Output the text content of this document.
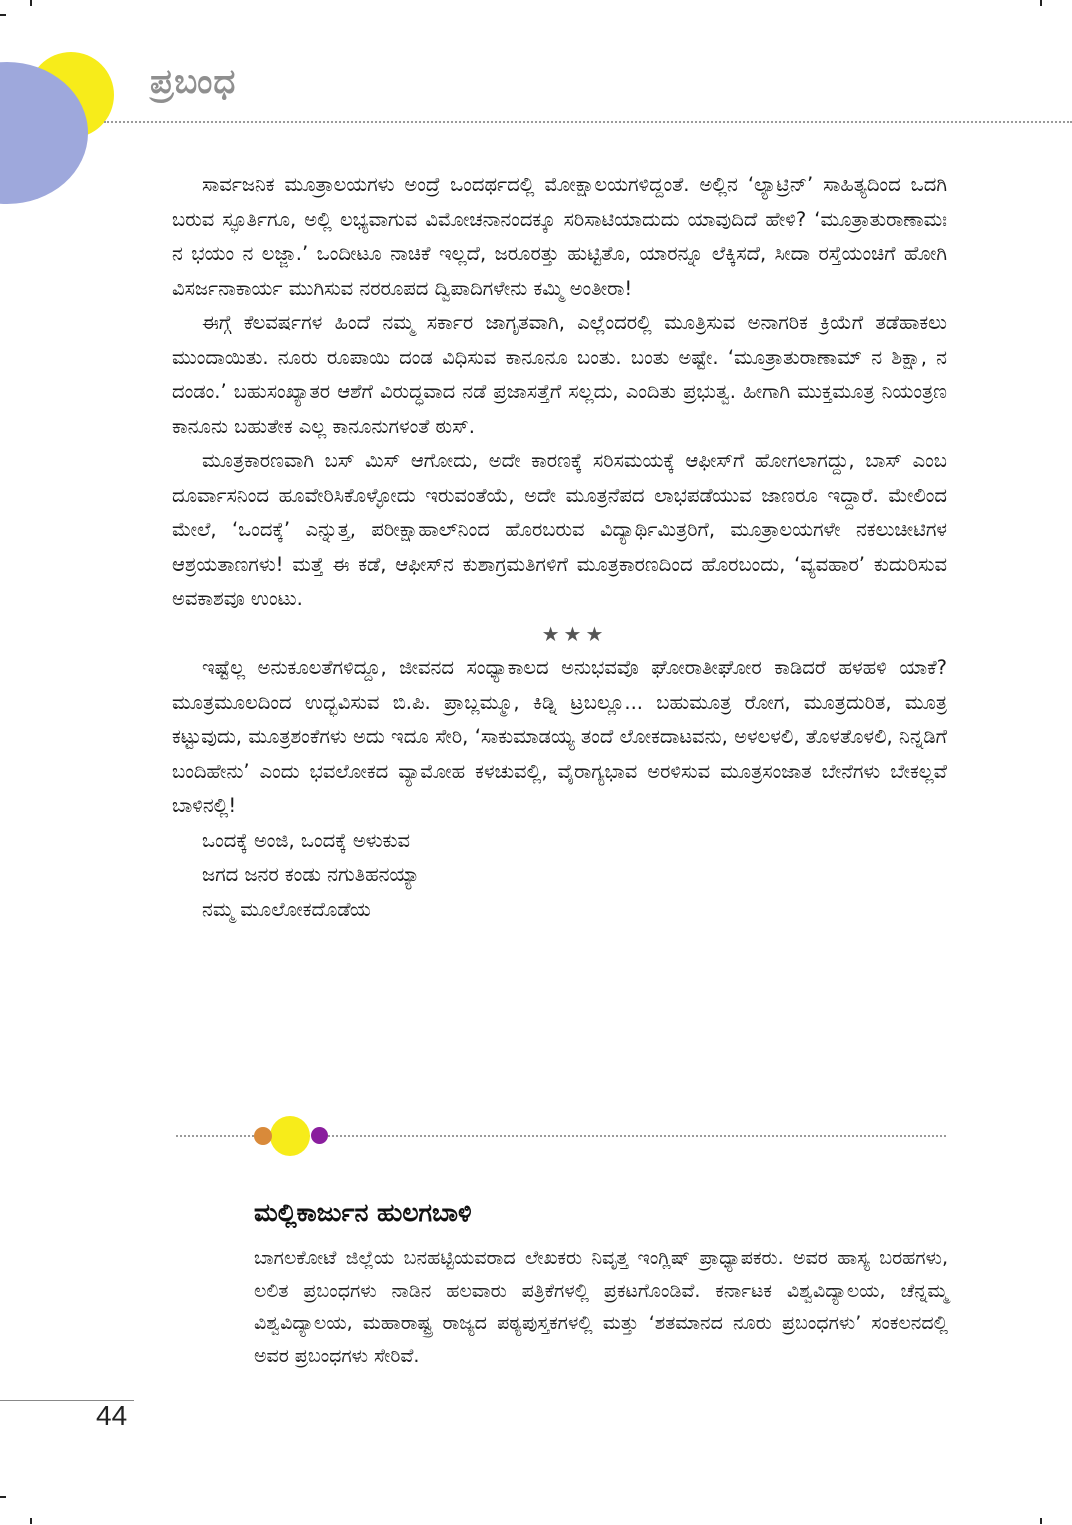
ಪ್ರಬಂಧ

ಸಾರ್ವಜನಿಕ ಮೂತ್ರಾಲಯಗಳು ಅಂದ್ರೆ ಒಂದರ್ಥದಲ್ಲಿ ಮೋಕ್ಷಾಲಯಗಳಿದ್ದಂತೆ. ಅಲ್ಲಿನ ‘ಲ್ಯಾಟ್ರಿನ್’ ಸಾಹಿತ್ಯದಿಂದ ಒದಗಿ ಬರುವ ಸ್ಫೂರ್ತಿಗೂ, ಅಲ್ಲಿ ಲಭ್ಯವಾಗುವ ವಿಮೋಚನಾನಂದಕ್ಕೂ ಸರಿಸಾಟಿಯಾದುದು ಯಾವುದಿದೆ ಹೇಳಿ? ‘ಮೂತ್ರಾತುರಾಣಾಮಃ ನ ಭಯಂ ನ ಲಜ್ಜಾ.’ ಒಂದೀಟೂ ನಾಚಿಕೆ ಇಲ್ಲದೆ, ಜರೂರತ್ತು ಹುಟ್ಟಿತೊ, ಯಾರನ್ನೂ ಲೆಕ್ಕಿಸದೆ, ಸೀದಾ ರಸ್ತೆಯಂಚಿಗೆ ಹೋಗಿ ವಿಸರ್ಜನಾಕಾರ್ಯ ಮುಗಿಸುವ ನರರೂಪದ ದ್ವಿಪಾದಿಗಳೇನು ಕಮ್ಮಿ ಅಂತೀರಾ!

ಈಗ್ಗೆ ಕೆಲವರ್ಷಗಳ ಹಿಂದೆ ನಮ್ಮ ಸರ್ಕಾರ ಜಾಗೃತವಾಗಿ, ಎಲ್ಲೆಂದರಲ್ಲಿ ಮೂತ್ರಿಸುವ ಅನಾಗರಿಕ ಕ್ರಿಯೆಗೆ ತಡೆಹಾಕಲು ಮುಂದಾಯಿತು. ನೂರು ರೂಪಾಯಿ ದಂಡ ವಿಧಿಸುವ ಕಾನೂನೂ ಬಂತು. ಬಂತು ಅಷ್ಟೇ. ‘ಮೂತ್ರಾತುರಾಣಾಮ್ ನ ಶಿಕ್ಷಾ, ನ ದಂಡಂ.’ ಬಹುಸಂಖ್ಯಾತರ ಆಶೆಗೆ ವಿರುದ್ಧವಾದ ನಡೆ ಪ್ರಜಾಸತ್ತೆಗೆ ಸಲ್ಲದು, ಎಂದಿತು ಪ್ರಭುತ್ವ. ಹೀಗಾಗಿ ಮುಕ್ತಮೂತ್ರ ನಿಯಂತ್ರಣ ಕಾನೂನು ಬಹುತೇಕ ಎಲ್ಲ ಕಾನೂನುಗಳಂತೆ ಠುಸ್.

ಮೂತ್ರಕಾರಣವಾಗಿ ಬಸ್ ಮಿಸ್ ಆಗೋದು, ಅದೇ ಕಾರಣಕ್ಕೆ ಸರಿಸಮಯಕ್ಕೆ ಆಫೀಸ್‌ಗೆ ಹೋಗಲಾಗದ್ದು, ಬಾಸ್ ಎಂಬ ದೂರ್ವಾಸನಿಂದ ಹೂವೇರಿಸಿಕೊಳ್ಳೋದು ಇರುವಂತೆಯೆ, ಅದೇ ಮೂತ್ರನೆಪದ ಲಾಭಪಡೆಯುವ ಜಾಣರೂ ಇದ್ದಾರೆ. ಮೇಲಿಂದ ಮೇಲೆ, ‘ಒಂದಕ್ಕೆ’ ಎನ್ನುತ್ತ, ಪರೀಕ್ಷಾಹಾಲ್‌ನಿಂದ ಹೊರಬರುವ ವಿದ್ಯಾರ್ಥಿಮಿತ್ರರಿಗೆ, ಮೂತ್ರಾಲಯಗಳೇ ನಕಲುಚೀಟಿಗಳ ಆಶ್ರಯತಾಣಗಳು! ಮತ್ತೆ ಈ ಕಡೆ, ಆಫೀಸ್‌ನ ಕುಶಾಗ್ರಮತಿಗಳಿಗೆ ಮೂತ್ರಕಾರಣದಿಂದ ಹೊರಬಂದು, ‘ವ್ಯವಹಾರ’ ಕುದುರಿಸುವ ಅವಕಾಶವೂ ಉಂಟು.

★★★

ಇಷ್ಟೆಲ್ಲ ಅನುಕೂಲತೆಗಳಿದ್ದೂ, ಜೀವನದ ಸಂಧ್ಯಾಕಾಲದ ಅನುಭವವೊ ಘೋರಾತೀಘೋರ ಕಾಡಿದರೆ ಹಳಹಳಿ ಯಾಕೆ? ಮೂತ್ರಮೂಲದಿಂದ ಉದ್ಭವಿಸುವ ಬಿ.ಪಿ. ಪ್ರಾಬ್ಲಮ್ಮೂ, ಕಿಡ್ನಿ ಟ್ರಬಲ್ಲೂ... ಬಹುಮೂತ್ರ ರೋಗ, ಮೂತ್ರದುರಿತ, ಮೂತ್ರ ಕಟ್ಟುವುದು, ಮೂತ್ರಶಂಕೆಗಳು ಅದು ಇದೂ ಸೇರಿ, ‘ಸಾಕುಮಾಡಯ್ಯ ತಂದೆ ಲೋಕದಾಟವನು, ಅಳಲಳಲಿ, ತೊಳತೊಳಲಿ, ನಿನ್ನಡಿಗೆ ಬಂದಿಹೇನು’ ಎಂದು ಭವಲೋಕದ ವ್ಯಾಮೋಹ ಕಳಚುವಲ್ಲಿ, ವೈರಾಗ್ಯಭಾವ ಅರಳಿಸುವ ಮೂತ್ರಸಂಜಾತ ಬೇನೆಗಳು ಬೇಕಲ್ಲವೆ ಬಾಳಿನಲ್ಲಿ!

ಒಂದಕ್ಕೆ ಅಂಜಿ, ಒಂದಕ್ಕೆ ಅಳುಕುವ
ಜಗದ ಜನರ ಕಂಡು ನಗುತಿಹನಯ್ಯಾ
ನಮ್ಮ ಮೂಲೋಕದೊಡೆಯ
ಮಲ್ಲಿಕಾರ್ಜುನ ಹುಲಗಬಾಳಿ
ಬಾಗಲಕೋಟೆ ಜಿಲ್ಲೆಯ ಬನಹಟ್ಟಿಯವರಾದ ಲೇಖಕರು ನಿವೃತ್ತ ಇಂಗ್ಲಿಷ್ ಪ್ರಾಧ್ಯಾಪಕರು. ಅವರ ಹಾಸ್ಯ ಬರಹಗಳು, ಲಲಿತ ಪ್ರಬಂಧಗಳು ನಾಡಿನ ಹಲವಾರು ಪತ್ರಿಕೆಗಳಲ್ಲಿ ಪ್ರಕಟಗೊಂಡಿವೆ. ಕರ್ನಾಟಕ ವಿಶ್ವವಿದ್ಯಾಲಯ, ಚೆನ್ನಮ್ಮ ವಿಶ್ವವಿದ್ಯಾಲಯ, ಮಹಾರಾಷ್ಟ್ರ ರಾಜ್ಯದ ಪಠ್ಯಪುಸ್ತಕಗಳಲ್ಲಿ ಮತ್ತು ‘ಶತಮಾನದ ನೂರು ಪ್ರಬಂಧಗಳು’ ಸಂಕಲನದಲ್ಲಿ ಅವರ ಪ್ರಬಂಧಗಳು ಸೇರಿವೆ.
44
